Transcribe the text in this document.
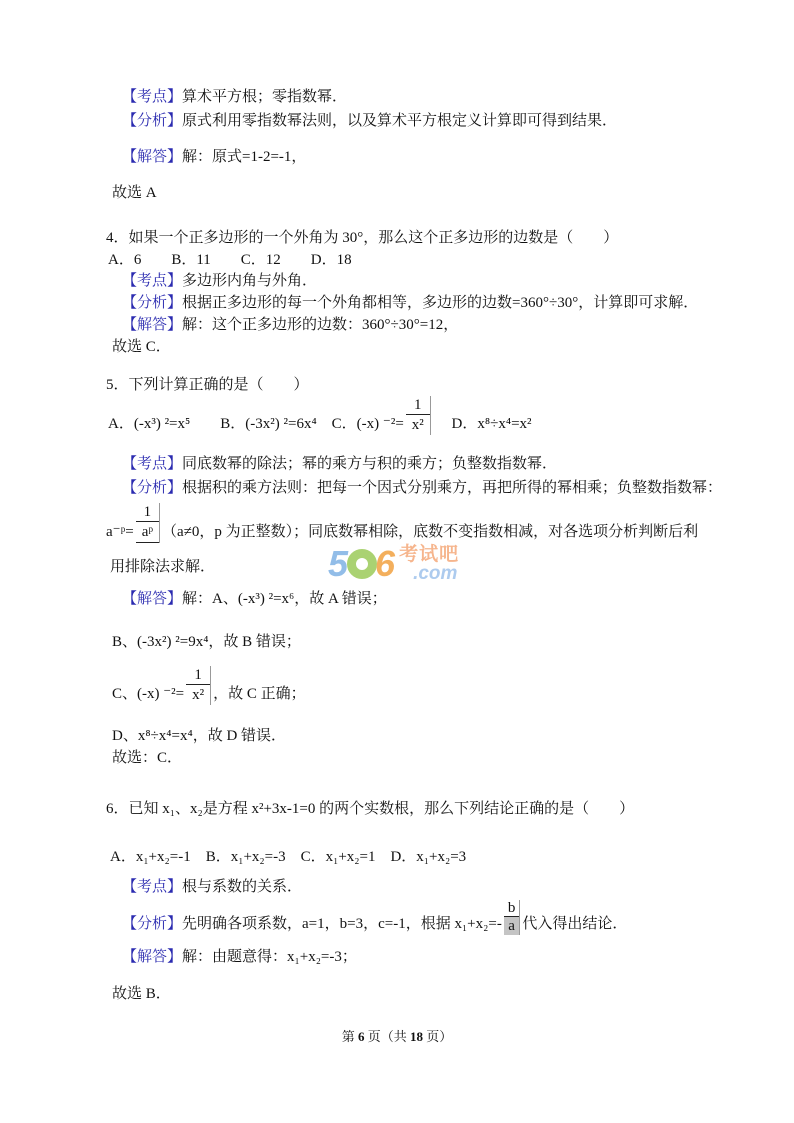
5 6 考试吧
.com
【考点】算术平方根；零指数幂．
【分析】原式利用零指数幂法则，以及算术平方根定义计算即可得到结果．
【解答】解：原式=1-2=-1，
故选 A
4．如果一个正多边形的一个外角为 30°，那么这个正多边形的边数是（　　）
A．6　　B．11　　C．12　　D．18
【考点】多边形内角与外角．
【分析】根据正多边形的每一个外角都相等，多边形的边数=360°÷30°，计算即可求解．
【解答】解：这个正多边形的边数：360°÷30°=12，
故选 C．
5．下列计算正确的是（　　）
A．(-x³) ²=x⁵　　B．(-3x²) ²=6x⁴　C．(-x) $^{-2}= \frac{1}{\text{x²}}$ 　 D．x⁸÷x⁴=x²
【考点】同底数幂的除法；幂的乘方与积的乘方；负整数指数幂．
【分析】根据积的乘方法则：把每一个因式分别乘方，再把所得的幂相乘；负整数指数幂：
a⁻ᵖ= $\frac{1}{\text{aᵖ}} (a\ne 0$，p 为正整数）；同底数幂相除，底数不变指数相减，对各选项分析判断后利
用排除法求解．
【解答】解：A、(-x³) ²=x⁶，故 A 错误；
B、(-3x²) ²=9x⁴，故 B 错误；
C、(-x) $^{-2}= \frac{1}{\text{x²}}$ ，故 C 正确；
D、x⁸÷x⁴=x⁴，故 D 错误．
故选：C．
6．已知 x₁、x₂是方程 x²+3x-1=0 的两个实数根，那么下列结论正确的是（　　）
A．x₁+x₂=-1　B．x₁+x₂=-3　C．x₁+x₂=1　D．x₁+x₂=3
【考点】根与系数的关系．
【分析】 先明确各项系数，a=1，b=3，c=-1，根据 $x_1+x_2=- \frac{b}{a}$ 代入得出结论．
【解答】解：由题意得：x₁+x₂=-3；
故选 B．
第 6 页（共 18 页）
